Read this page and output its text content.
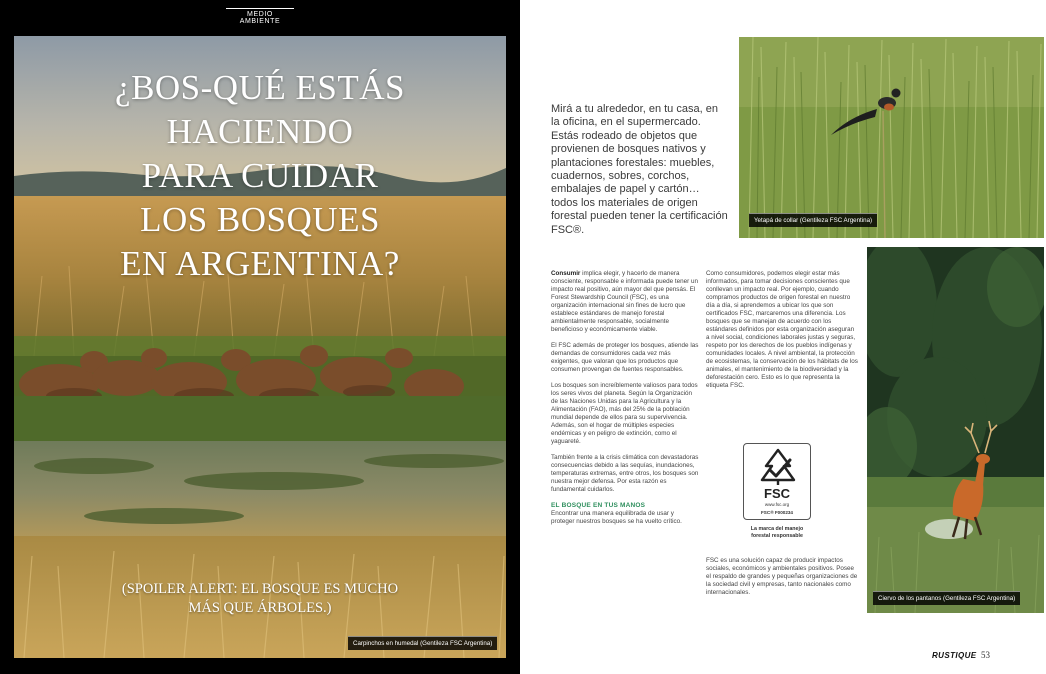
MEDIO AMBIENTE
¿BOS-QUÉ ESTÁS
HACIENDO
PARA CUIDAR
LOS BOSQUES
EN ARGENTINA?
(SPOILER ALERT: EL BOSQUE ES MUCHO
MÁS QUE ÁRBOLES.)
Carpinchos en humedal (Gentileza FSC Argentina)
Mirá a tu alrededor, en tu casa, en la oficina, en el supermercado. Estás rodeado de objetos que provienen de bosques nativos y plantaciones forestales: muebles, cuadernos, sobres, corchos, embalajes de papel y cartón… todos los materiales de origen forestal pueden tener la certificación FSC®.
Yetapá de collar (Gentileza FSC Argentina)
Ciervo de los pantanos (Gentileza FSC Argentina)

Consumir implica elegir, y hacerlo de manera consciente, responsable e informada puede tener un impacto real positivo, aún mayor del que pensás. El Forest Stewardship Council (FSC), es una organización internacional sin fines de lucro que establece estándares de manejo forestal ambientalmente responsable, socialmente beneficioso y económicamente viable.

El FSC además de proteger los bosques, atiende las demandas de consumidores cada vez más exigentes, que valoran que los productos que consumen provengan de fuentes responsables.

Los bosques son increíblemente valiosos para todos los seres vivos del planeta. Según la Organización de las Naciones Unidas para la Agricultura y la Alimentación (FAO), más del 25% de la población mundial depende de ellos para su supervivencia. Además, son el hogar de múltiples especies endémicas y en peligro de extinción, como el yaguareté.

También frente a la crisis climática con devastadoras consecuencias debido a las sequías, inundaciones, temperaturas extremas, entre otros, los bosques son nuestra mejor defensa. Por esta razón es fundamental cuidarlos.

EL BOSQUE EN TUS MANOS
Encontrar una manera equilibrada de usar y proteger nuestros bosques se ha vuelto crítico.

Como consumidores, podemos elegir estar más informados, para tomar decisiones conscientes que conllevan un impacto real. Por ejemplo, cuando compramos productos de origen forestal en nuestro día a día, si aprendemos a ubicar los que son certificados FSC, marcaremos una diferencia. Los bosques que se manejan de acuerdo con los estándares definidos por esta organización aseguran a nivel social, condiciones laborales justas y seguras, respeto por los derechos de los pueblos indígenas y comunidades locales. A nivel ambiental, la protección de ecosistemas, la conservación de los hábitats de los animales, el mantenimiento de la biodiversidad y la deforestación cero. Esto es lo que representa la etiqueta FSC.

FSC
www.fsc.org
FSC® F000234
La marca del manejo forestal responsable
FSC es una solución capaz de producir impactos sociales, económicos y ambientales positivos. Posee el respaldo de grandes y pequeñas organizaciones de la sociedad civil y empresas, tanto nacionales como internacionales.
RUSTIQUE 53
